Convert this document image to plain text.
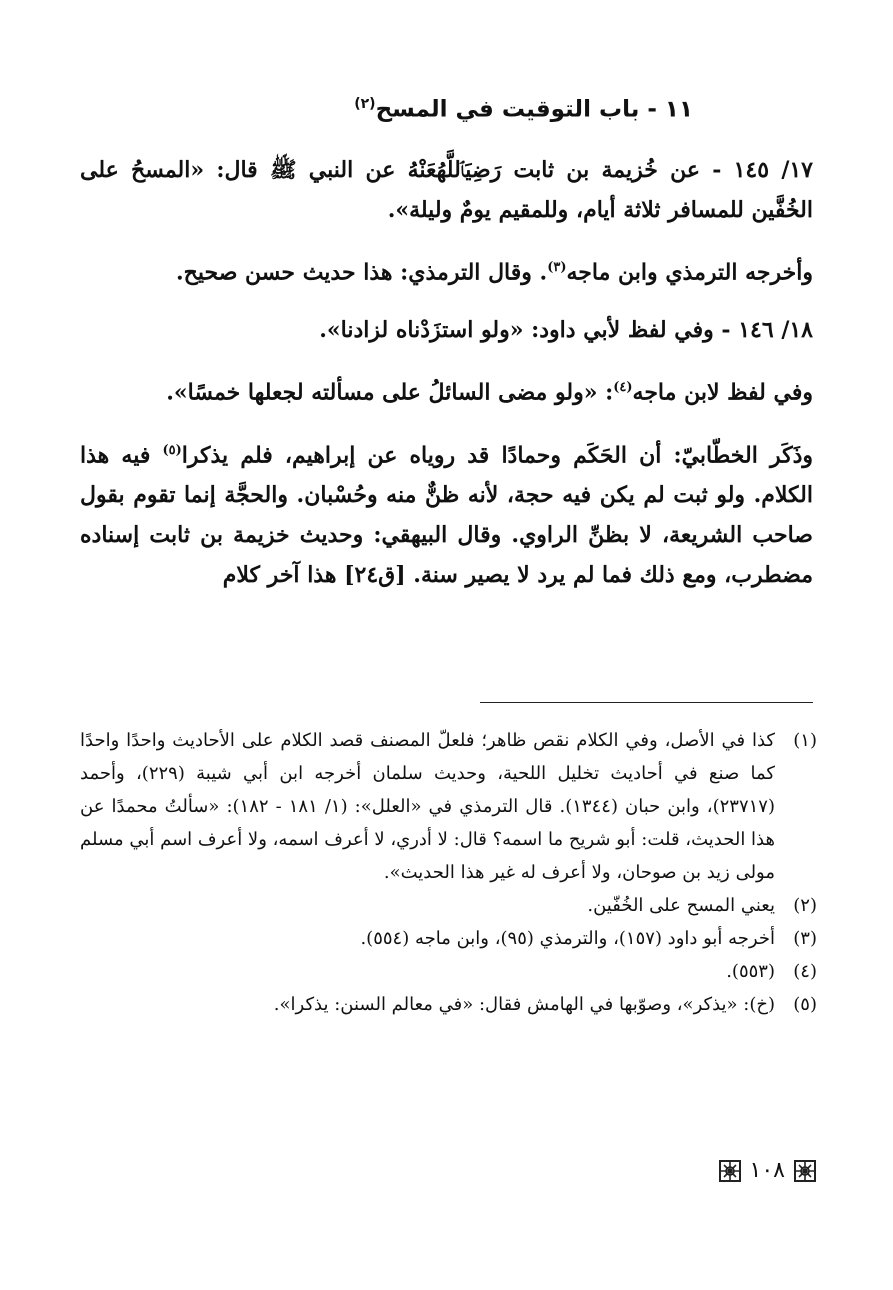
١١ - باب التوقيت في المسح$^{(٢)}$

١٧/ ١٤٥ - عن خُزيمة بن ثابت رَضِيَٱللَّهُعَنْهُ عن النبي ﷺ قال: «المسحُ على الخُفَّين للمسافر ثلاثة أيام، وللمقيم يومٌ وليلة».

وأخرجه الترمذي وابن ماجه$^{(٣)}$. وقال الترمذي: هذا حديث حسن صحيح.

١٨/ ١٤٦ - وفي لفظ لأبي داود: «ولو استزَدْناه لزادنا».

وفي لفظ لابن ماجه$^{(٤)}$: «ولو مضى السائلُ على مسألته لجعلها خمسًا».

وذَكَر الخطّابيّ: أن الحَكَم وحمادًا قد روياه عن إبراهيم، فلم يذكرا$^{(٥)}$ فيه هذا الكلام. ولو ثبت لم يكن فيه حجة، لأنه ظنٌّ منه وحُسْبان. والحجَّة إنما تقوم بقول صاحب الشريعة، لا بظنِّ الراوي. وقال البيهقي: وحديث خزيمة بن ثابت إسناده مضطرب، ومع ذلك فما لم يرد لا يصير سنة. [ق٢٤] هذا آخر كلام

(١)
كذا في الأصل، وفي الكلام نقص ظاهر؛ فلعلّ المصنف قصد الكلام على الأحاديث واحدًا واحدًا كما صنع في أحاديث تخليل اللحية، وحديث سلمان أخرجه ابن أبي شيبة (٢٢٩)، وأحمد (٢٣٧١٧)، وابن حبان (١٣٤٤). قال الترمذي في «العلل»: (١/ ١٨١ - ١٨٢): «سألتُ محمدًا عن هذا الحديث، قلت: أبو شريح ما اسمه؟ قال: لا أدري، لا أعرف اسمه، ولا أعرف اسم أبي مسلم مولى زيد بن صوحان، ولا أعرف له غير هذا الحديث».
(٢)
يعني المسح على الخُفّين.
(٣)
أخرجه أبو داود (١٥٧)، والترمذي (٩٥)، وابن ماجه (٥٥٤).
(٤)
(٥٥٣).
(٥)
(خ): «يذكر»، وصوّبها في الهامش فقال: «في معالم السنن: يذكرا».
١٠٨
